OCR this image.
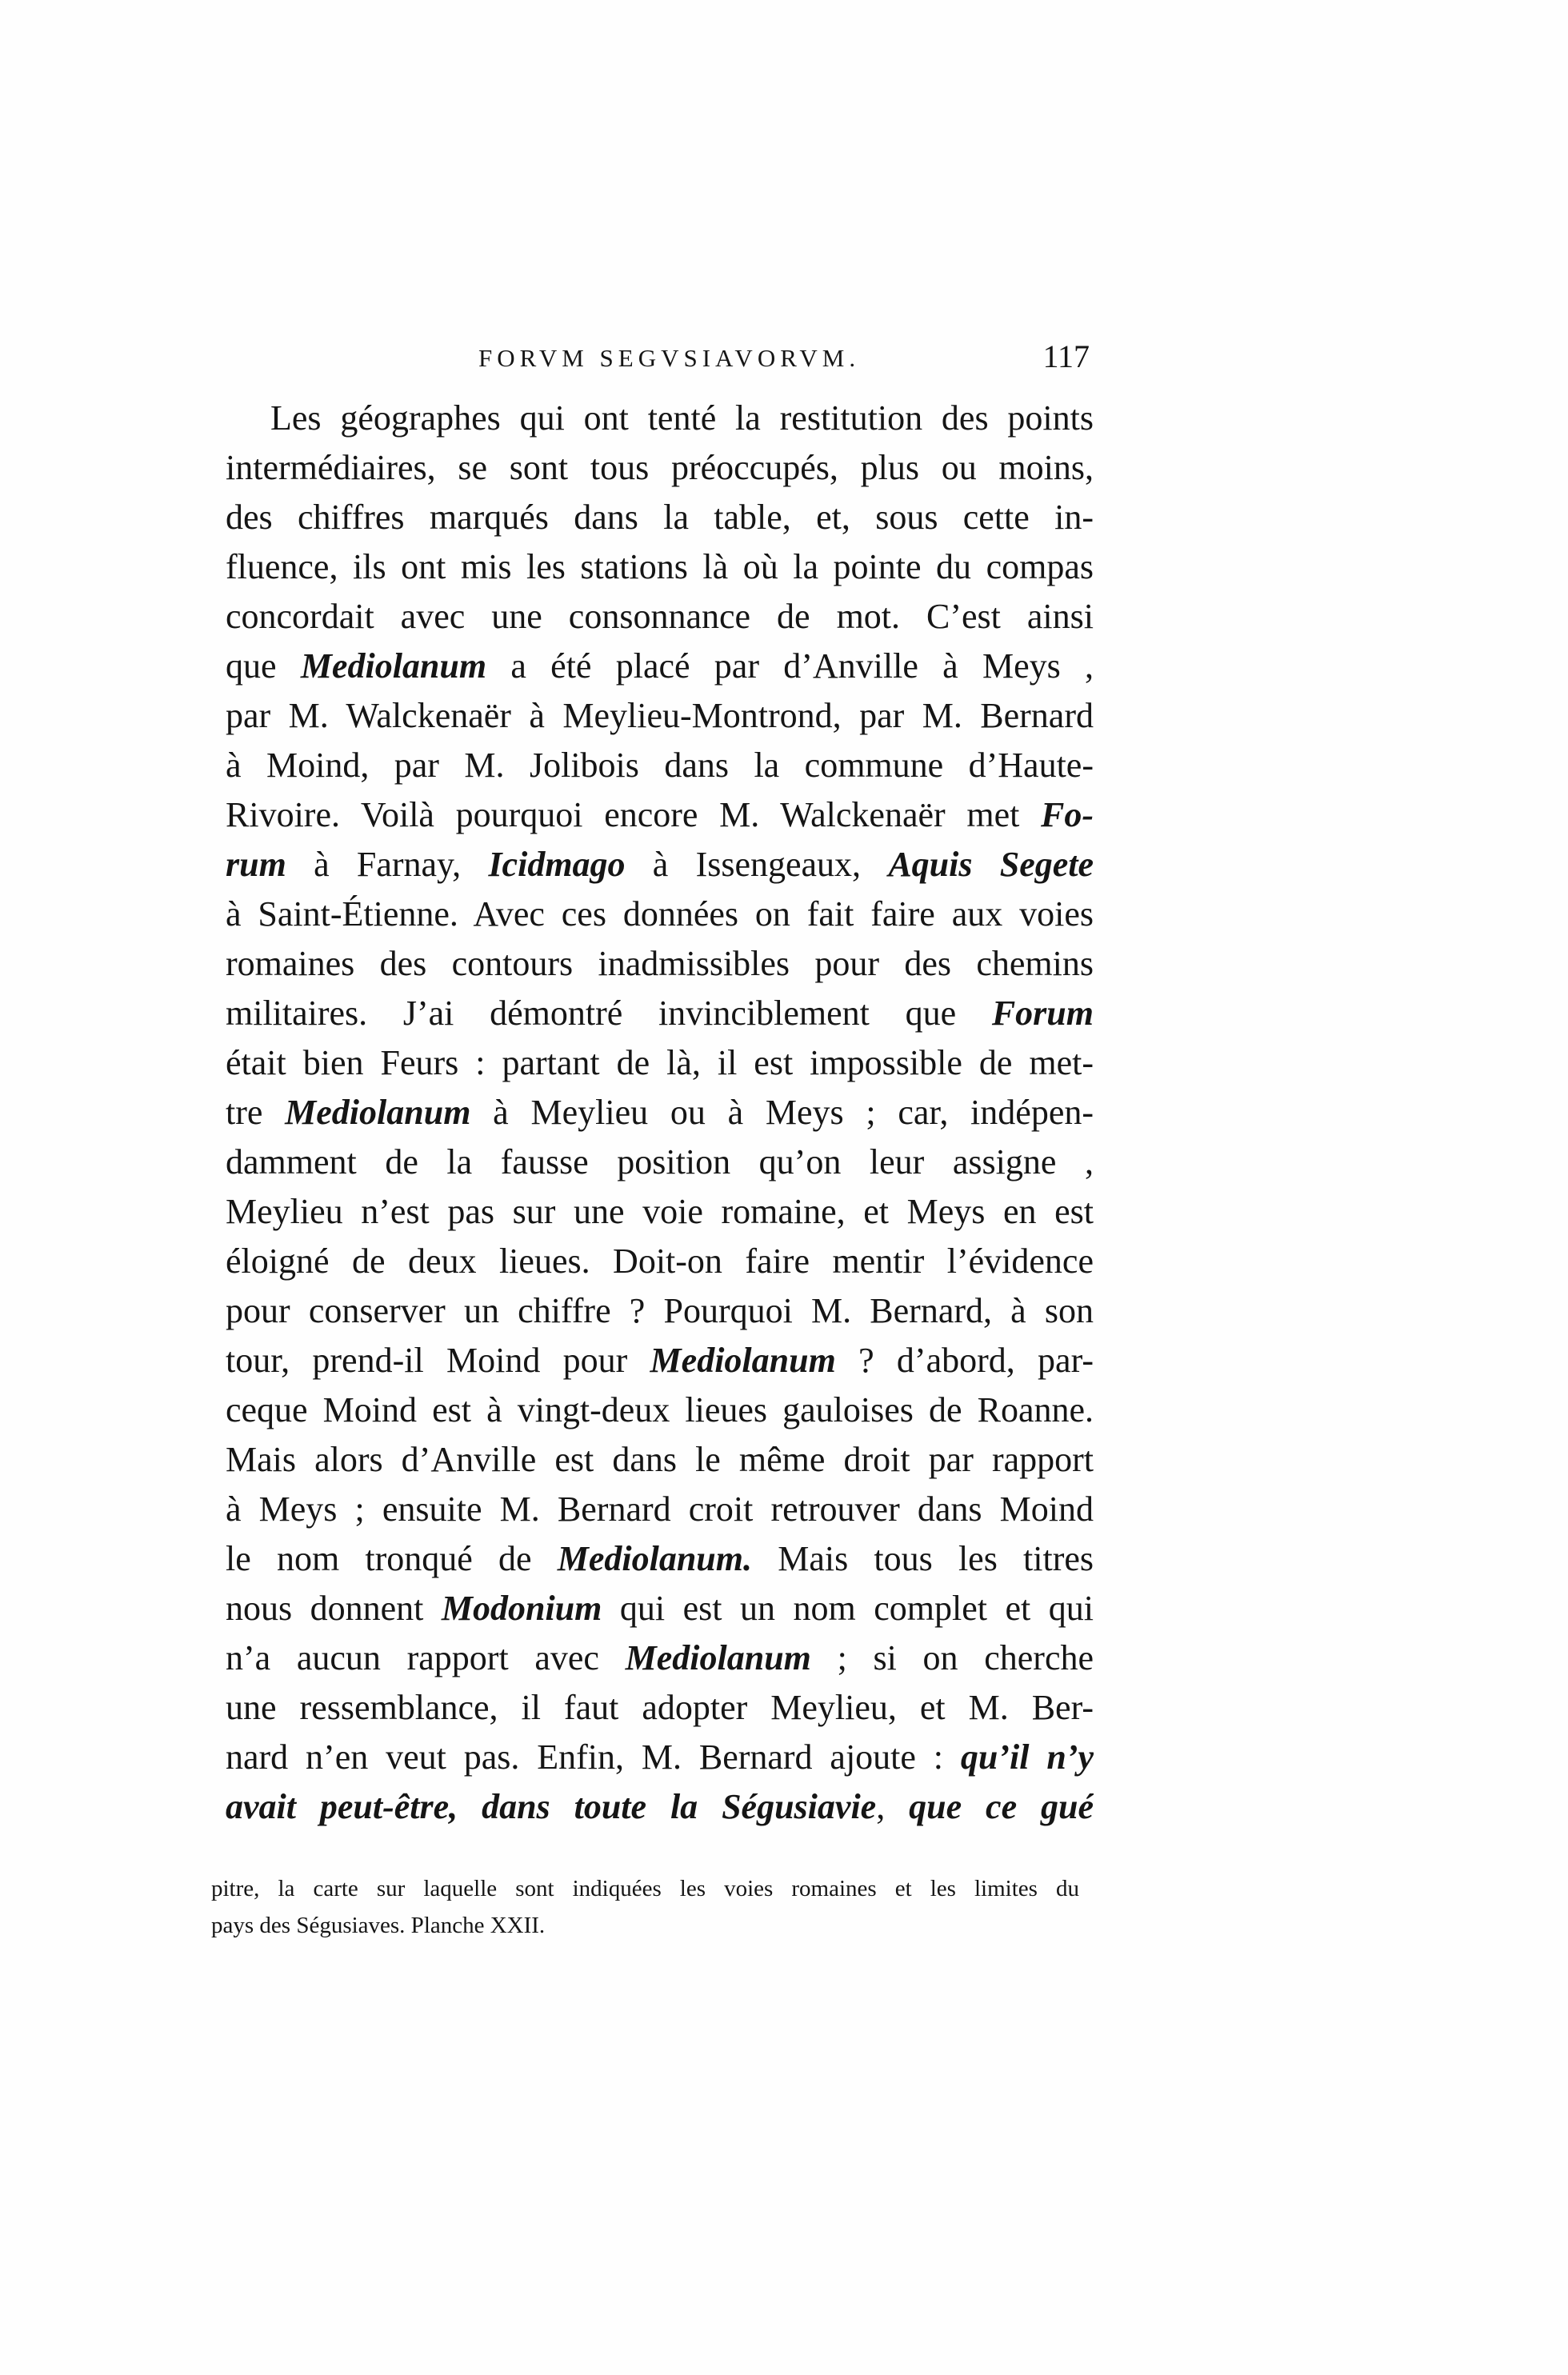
FORVM SEGVSIAVORVM.	117
Les géographes qui ont tenté la restitution des points
intermédiaires, se sont tous préoccupés, plus ou moins,
des chiffres marqués dans la table, et, sous cette in-
fluence, ils ont mis les stations là où la pointe du compas
concordait avec une consonnance de mot. C’est ainsi
que Mediolanum a été placé par d’Anville à Meys ,
par M. Walckenaër à Meylieu-Montrond, par M. Bernard
à Moind, par M. Jolibois dans la commune d’Haute-
Rivoire. Voilà pourquoi encore M. Walckenaër met Fo-
rum à Farnay, Icidmago à Issengeaux, Aquis Segete
à Saint-Étienne. Avec ces données on fait faire aux voies
romaines des contours inadmissibles pour des chemins
militaires. J’ai démontré invinciblement que Forum
était bien Feurs : partant de là, il est impossible de met-
tre Mediolanum à Meylieu ou à Meys ; car, indépen-
damment de la fausse position qu’on leur assigne ,
Meylieu n’est pas sur une voie romaine, et Meys en est
éloigné de deux lieues. Doit-on faire mentir l’évidence
pour conserver un chiffre ? Pourquoi M. Bernard, à son
tour, prend-il Moind pour Mediolanum ? d’abord, par-
ceque Moind est à vingt-deux lieues gauloises de Roanne.
Mais alors d’Anville est dans le même droit par rapport
à Meys ; ensuite M. Bernard croit retrouver dans Moind
le nom tronqué de Mediolanum. Mais tous les titres
nous donnent Modonium qui est un nom complet et qui
n’a aucun rapport avec Mediolanum ; si on cherche
une ressemblance, il faut adopter Meylieu, et M. Ber-
nard n’en veut pas. Enfin, M. Bernard ajoute : qu’il n’y
avait peut-être, dans toute la Ségusiavie, que ce gué
pitre, la carte sur laquelle sont indiquées les voies romaines et les limites du
pays des Ségusiaves. Planche XXII.
